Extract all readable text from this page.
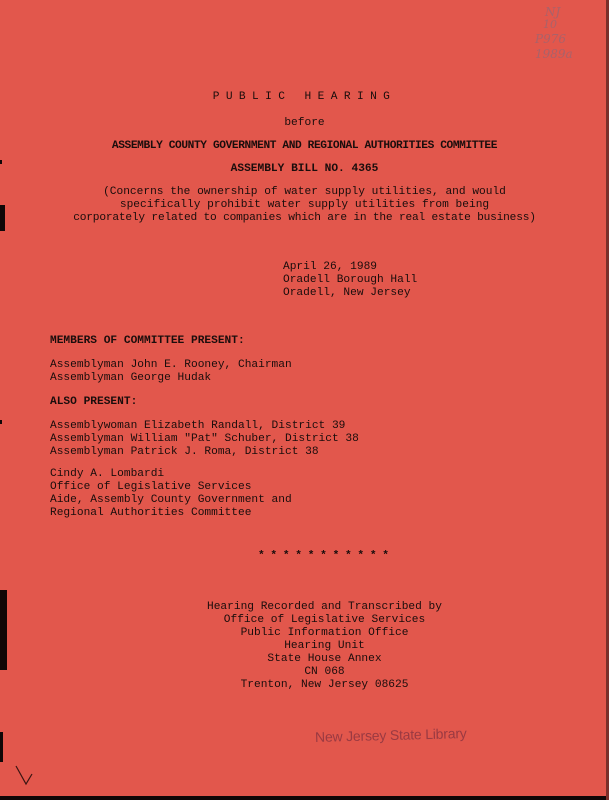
NJ
10
P976
1989a
PUBLIC HEARING
before
ASSEMBLY COUNTY GOVERNMENT AND REGIONAL AUTHORITIES COMMITTEE
ASSEMBLY BILL NO. 4365
(Concerns the ownership of water supply utilities, and would
specifically prohibit water supply utilities from being
corporately related to companies which are in the real estate business)
April 26, 1989
Oradell Borough Hall
Oradell, New Jersey
MEMBERS OF COMMITTEE PRESENT:
Assemblyman John E. Rooney, Chairman
Assemblyman George Hudak
ALSO PRESENT:
Assemblywoman Elizabeth Randall, District 39
Assemblyman William "Pat" Schuber, District 38
Assemblyman Patrick J. Roma, District 38
Cindy A. Lombardi
Office of Legislative Services
Aide, Assembly County Government and
Regional Authorities Committee
* * * * * * * * * * *
Hearing Recorded and Transcribed by
Office of Legislative Services
Public Information Office
Hearing Unit
State House Annex
CN 068
Trenton, New Jersey 08625
New Jersey State Library
